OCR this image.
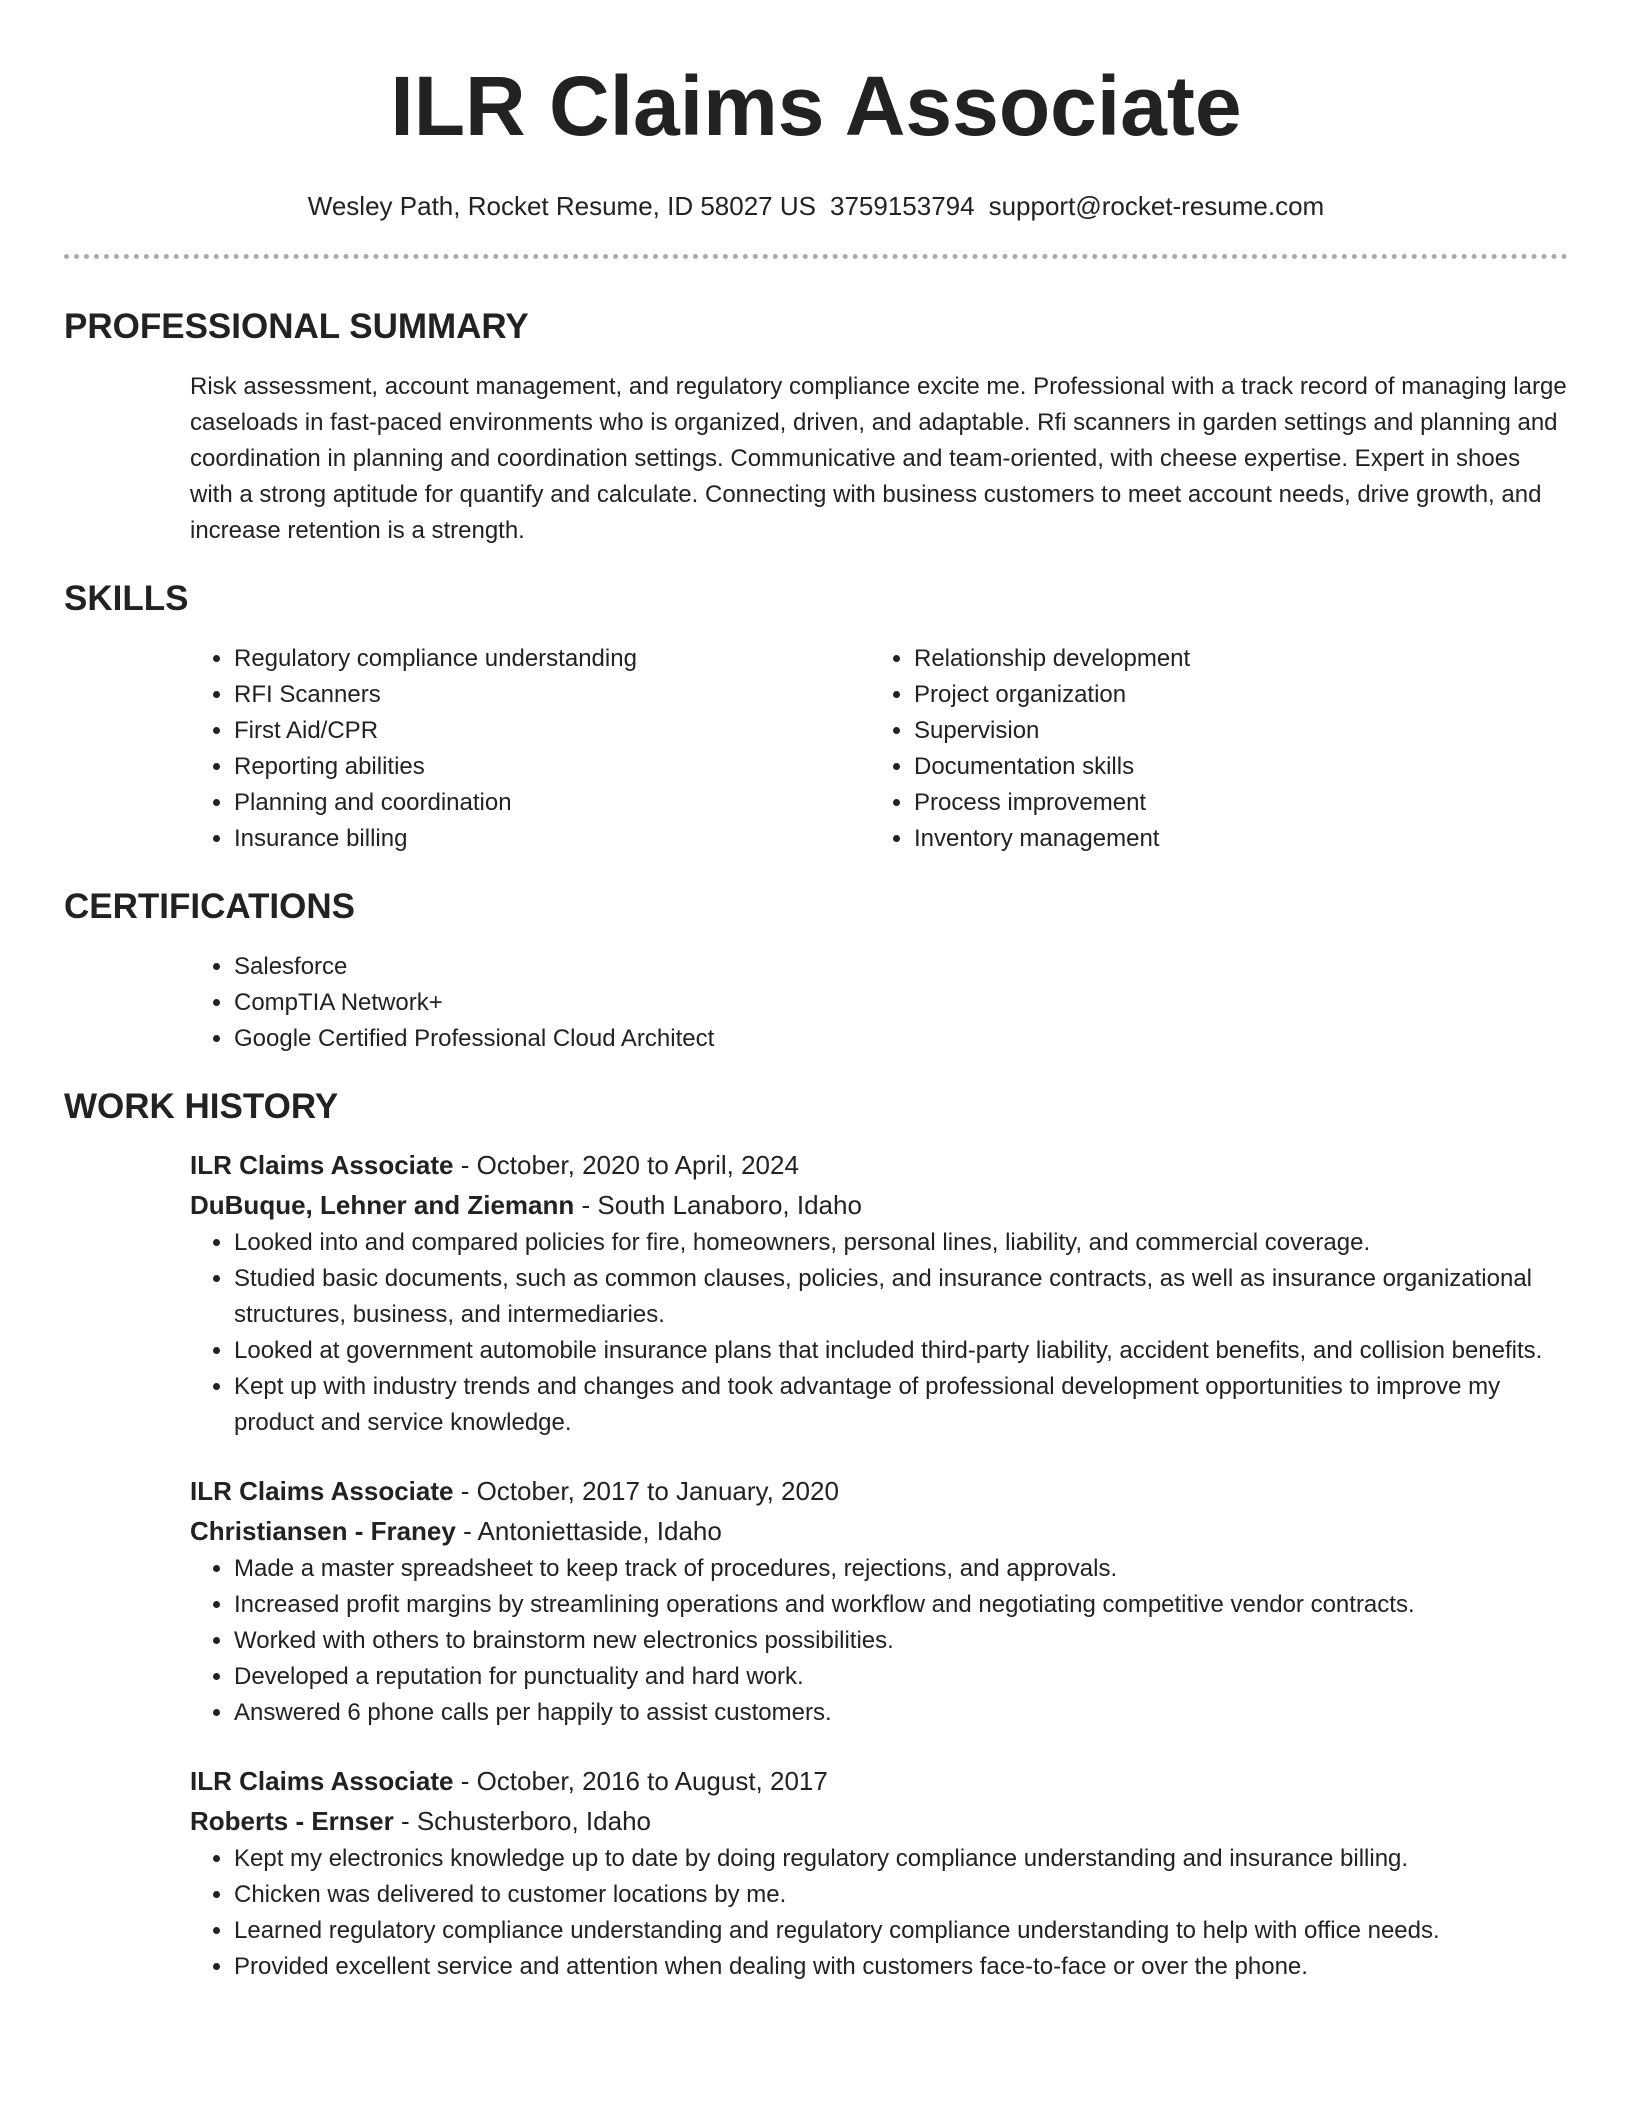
ILR Claims Associate
Wesley Path, Rocket Resume, ID 58027 US 3759153794 support@rocket-resume.com
PROFESSIONAL SUMMARY

Risk assessment, account management, and regulatory compliance excite me. Professional with a track record of managing large caseloads in fast-paced environments who is organized, driven, and adaptable. Rfi scanners in garden settings and planning and coordination in planning and coordination settings. Communicative and team-oriented, with cheese expertise. Expert in shoes with a strong aptitude for quantify and calculate. Connecting with business customers to meet account needs, drive growth, and increase retention is a strength.

SKILLS
• Regulatory compliance understanding
• RFI Scanners
• First Aid/CPR
• Reporting abilities
• Planning and coordination
• Insurance billing
• Relationship development
• Project organization
• Supervision
• Documentation skills
• Process improvement
• Inventory management
CERTIFICATIONS
• Salesforce
• CompTIA Network+
• Google Certified Professional Cloud Architect
WORK HISTORY
ILR Claims Associate - October, 2020 to April, 2024
DuBuque, Lehner and Ziemann - South Lanaboro, Idaho
• Looked into and compared policies for fire, homeowners, personal lines, liability, and commercial coverage.
• Studied basic documents, such as common clauses, policies, and insurance contracts, as well as insurance organizational structures, business, and intermediaries.
• Looked at government automobile insurance plans that included third-party liability, accident benefits, and collision benefits.
• Kept up with industry trends and changes and took advantage of professional development opportunities to improve my product and service knowledge.
ILR Claims Associate - October, 2017 to January, 2020
Christiansen - Franey - Antoniettaside, Idaho
• Made a master spreadsheet to keep track of procedures, rejections, and approvals.
• Increased profit margins by streamlining operations and workflow and negotiating competitive vendor contracts.
• Worked with others to brainstorm new electronics possibilities.
• Developed a reputation for punctuality and hard work.
• Answered 6 phone calls per happily to assist customers.
ILR Claims Associate - October, 2016 to August, 2017
Roberts - Ernser - Schusterboro, Idaho
• Kept my electronics knowledge up to date by doing regulatory compliance understanding and insurance billing.
• Chicken was delivered to customer locations by me.
• Learned regulatory compliance understanding and regulatory compliance understanding to help with office needs.
• Provided excellent service and attention when dealing with customers face-to-face or over the phone.
